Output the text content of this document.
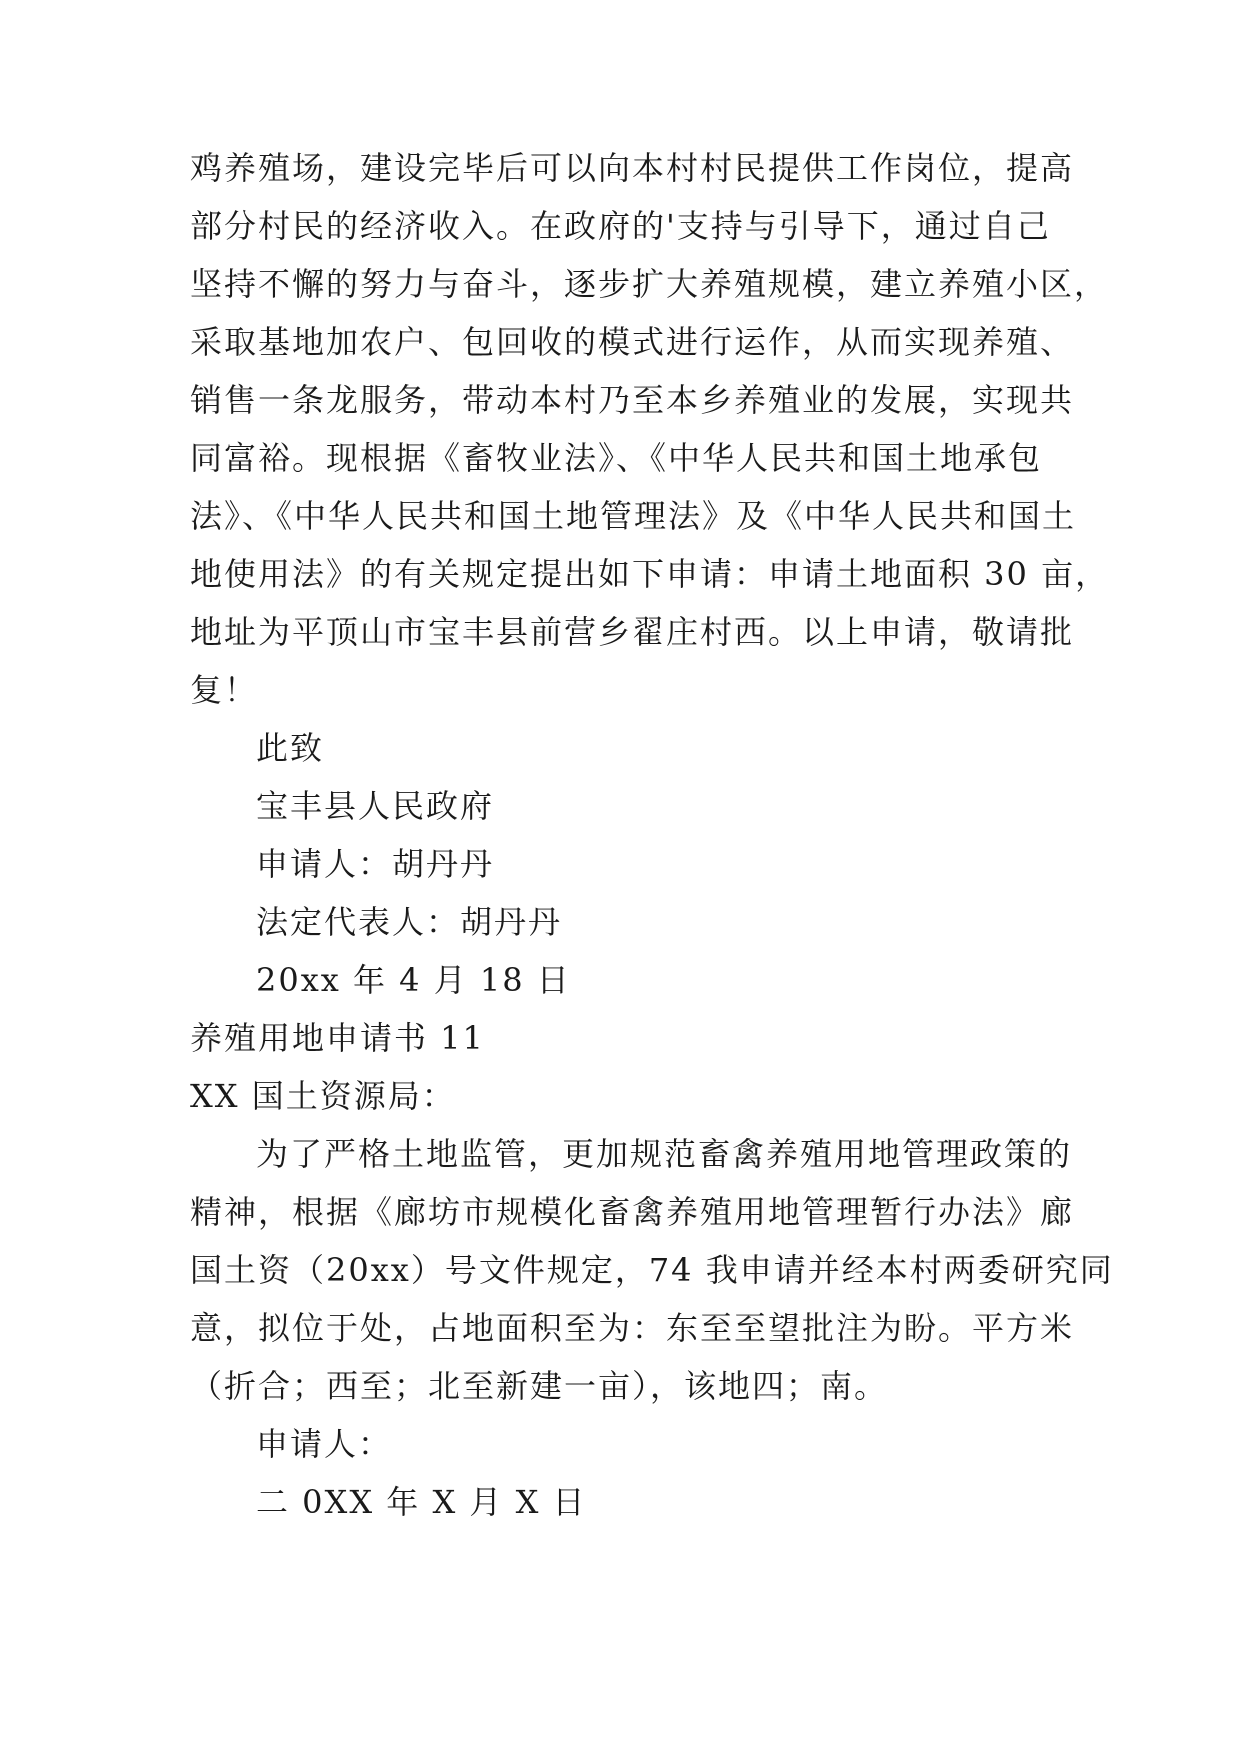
鸡养殖场，建设完毕后可以向本村村民提供工作岗位，提高
部分村民的经济收入。在政府的'支持与引导下，通过自己
坚持不懈的努力与奋斗，逐步扩大养殖规模，建立养殖小区，
采取基地加农户、包回收的模式进行运作，从而实现养殖、
销售一条龙服务，带动本村乃至本乡养殖业的发展，实现共
同富裕。现根据《畜牧业法》、《中华人民共和国土地承包
法》、《中华人民共和国土地管理法》及《中华人民共和国土
地使用法》的有关规定提出如下申请：申请土地面积 30 亩，
地址为平顶山市宝丰县前营乡翟庄村西。以上申请，敬请批
复！
此致
宝丰县人民政府
申请人：胡丹丹
法定代表人：胡丹丹
20xx 年 4 月 18 日
养殖用地申请书 11
XX 国土资源局：
为了严格土地监管，更加规范畜禽养殖用地管理政策的
精神，根据《廊坊市规模化畜禽养殖用地管理暂行办法》廊
国土资（20xx）号文件规定，74 我申请并经本村两委研究同
意，拟位于处，占地面积至为：东至至望批注为盼。平方米
（折合；西至；北至新建一亩），该地四；南。
申请人：
二 0XX 年 X 月 X 日
